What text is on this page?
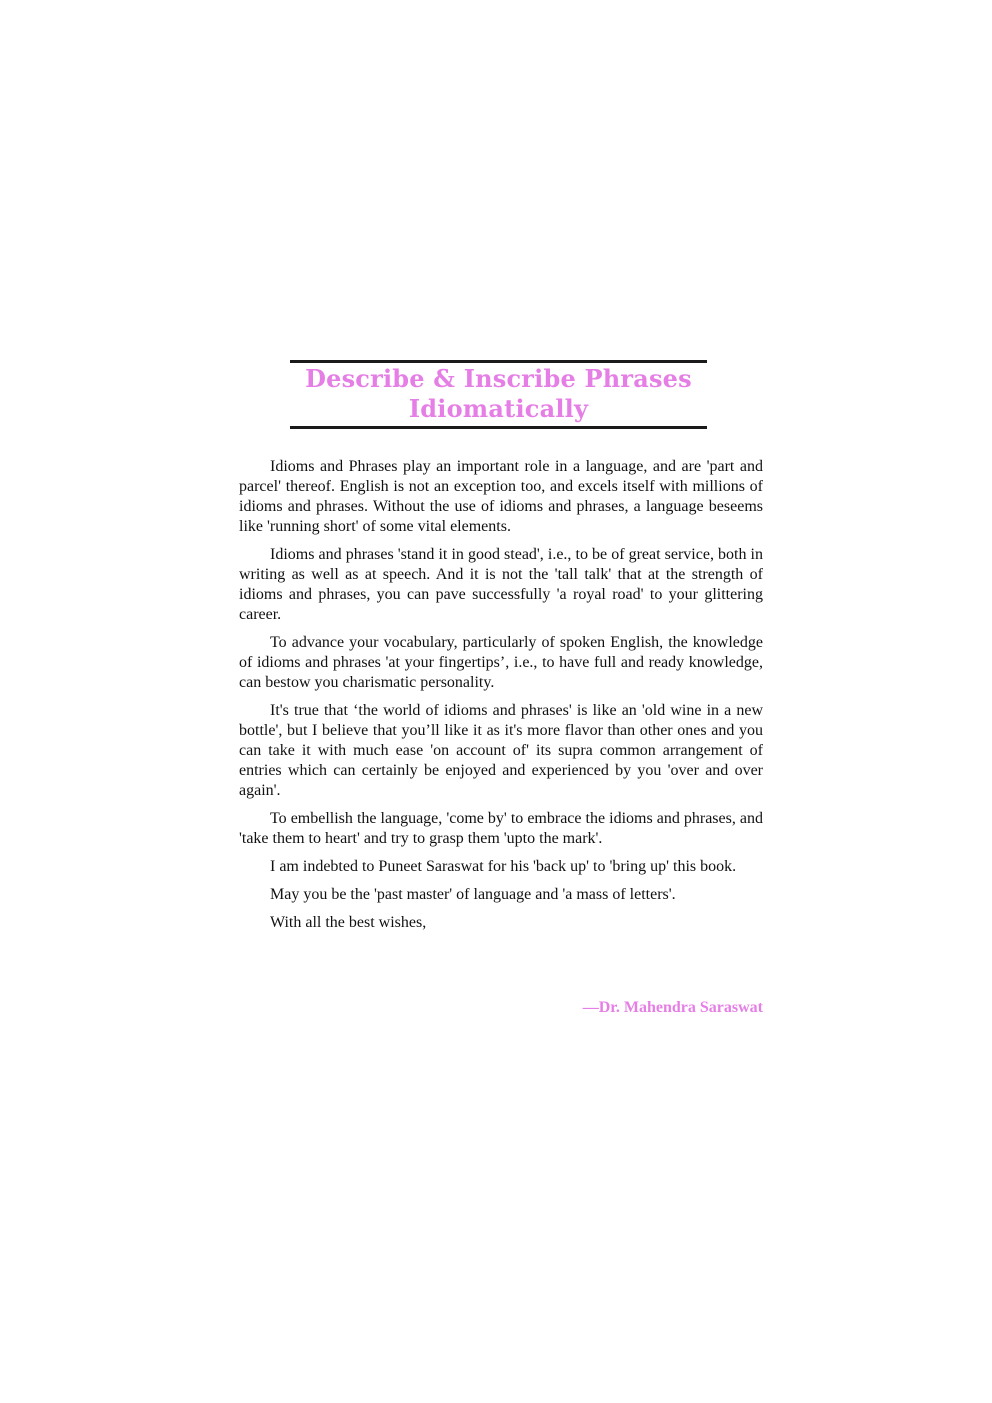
Describe & Inscribe Phrases
Idiomatically

Idioms and Phrases play an important role in a language, and are 'part and parcel' thereof. English is not an exception too, and excels itself with millions of idioms and phrases. Without the use of idioms and phrases, a language beseems like 'running short' of some vital elements.

Idioms and phrases 'stand it in good stead', i.e., to be of great service, both in writing as well as at speech. And it is not the 'tall talk' that at the strength of idioms and phrases, you can pave successfully 'a royal road' to your glittering career.

To advance your vocabulary, particularly of spoken English, the knowledge of idioms and phrases 'at your fingertips’, i.e., to have full and ready knowledge, can bestow you charismatic personality.

It's true that ‘the world of idioms and phrases' is like an 'old wine in a new bottle', but I believe that you’ll like it as it's more flavor than other ones and you can take it with much ease 'on account of' its supra common arrangement of entries which can certainly be enjoyed and experienced by you 'over and over again'.

To embellish the language, 'come by' to embrace the idioms and phrases, and 'take them to heart' and try to grasp them 'upto the mark'.

I am indebted to Puneet Saraswat for his 'back up' to 'bring up' this book.

May you be the 'past master' of language and 'a mass of letters'.

With all the best wishes,

—Dr. Mahendra Saraswat
